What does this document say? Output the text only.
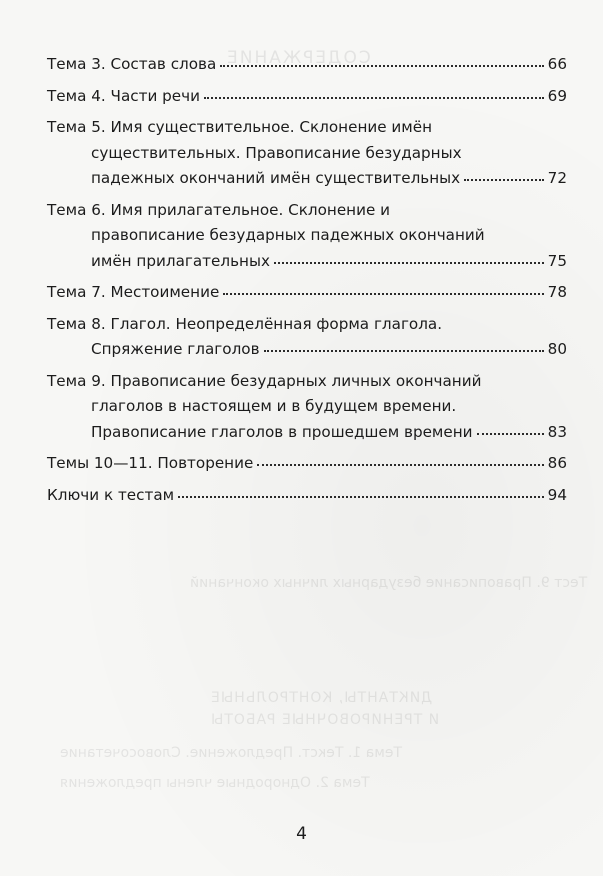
СОДЕРЖАНИЕ
Тест 9. Правописание безударных личных окончаний
ДИКТАНТЫ, КОНТРОЛЬНЫЕ
И ТРЕНИРОВОЧНЫЕ РАБОТЫ
Тема 1. Текст. Предложение. Словосочетание
Тема 2. Однородные члены предложения
Тема 3. Состав слова	66
Тема 4. Части речи	69
Тема 5. Имя существительное. Склонение имён
существительных. Правописание безударных
падежных окончаний имён существительных	72
Тема 6. Имя прилагательное. Склонение и
правописание безударных падежных окончаний
имён прилагательных	75
Тема 7. Местоимение	78
Тема 8. Глагол. Неопределённая форма глагола.
Спряжение глаголов	80
Тема 9. Правописание безударных личных окончаний
глаголов в настоящем и в будущем времени.
Правописание глаголов в прошедшем времени	83
Темы 10—11. Повторение	86
Ключи к тестам	94
4
